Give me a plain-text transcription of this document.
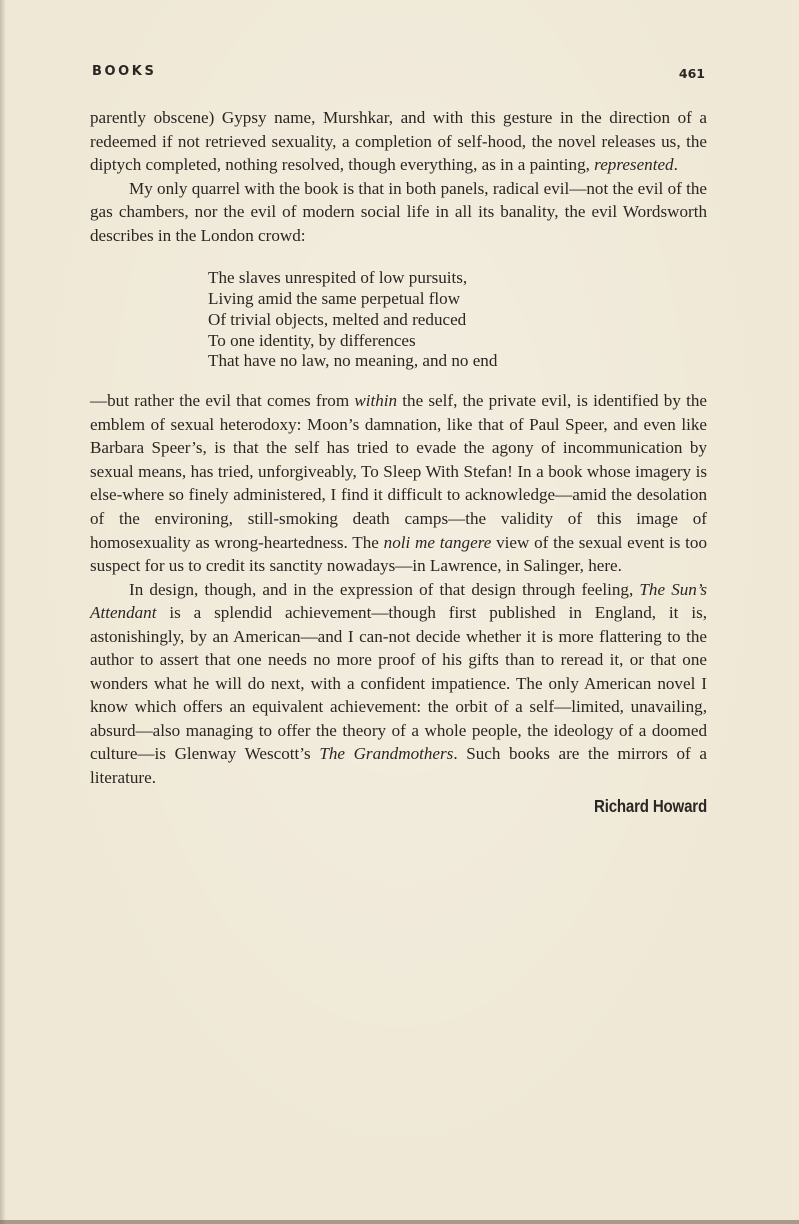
BOOKS	461

parently obscene) Gypsy name, Murshkar, and with this gesture in the direction of a redeemed if not retrieved sexuality, a completion of self-hood, the novel releases us, the diptych completed, nothing resolved, though everything, as in a painting, represented.

My only quarrel with the book is that in both panels, radical evil—not the evil of the gas chambers, nor the evil of modern social life in all its banality, the evil Wordsworth describes in the London crowd:

The slaves unrespited of low pursuits,
Living amid the same perpetual flow
Of trivial objects, melted and reduced
To one identity, by differences
That have no law, no meaning, and no end

—but rather the evil that comes from within the self, the private evil, is identified by the emblem of sexual heterodoxy: Moon’s damnation, like that of Paul Speer, and even like Barbara Speer’s, is that the self has tried to evade the agony of incommunication by sexual means, has tried, unforgiveably, To Sleep With Stefan! In a book whose imagery is else-where so finely administered, I find it difficult to acknowledge—amid the desolation of the environing, still-smoking death camps—the validity of this image of homosexuality as wrong-heartedness. The noli me tangere view of the sexual event is too suspect for us to credit its sanctity nowadays—in Lawrence, in Salinger, here.

In design, though, and in the expression of that design through feeling, The Sun’s Attendant is a splendid achievement—though first published in England, it is, astonishingly, by an American—and I can-not decide whether it is more flattering to the author to assert that one needs no more proof of his gifts than to reread it, or that one wonders what he will do next, with a confident impatience. The only American novel I know which offers an equivalent achievement: the orbit of a self—limited, unavailing, absurd—also managing to offer the theory of a whole people, the ideology of a doomed culture—is Glenway Wescott’s The Grandmothers. Such books are the mirrors of a literature.

Richard Howard
